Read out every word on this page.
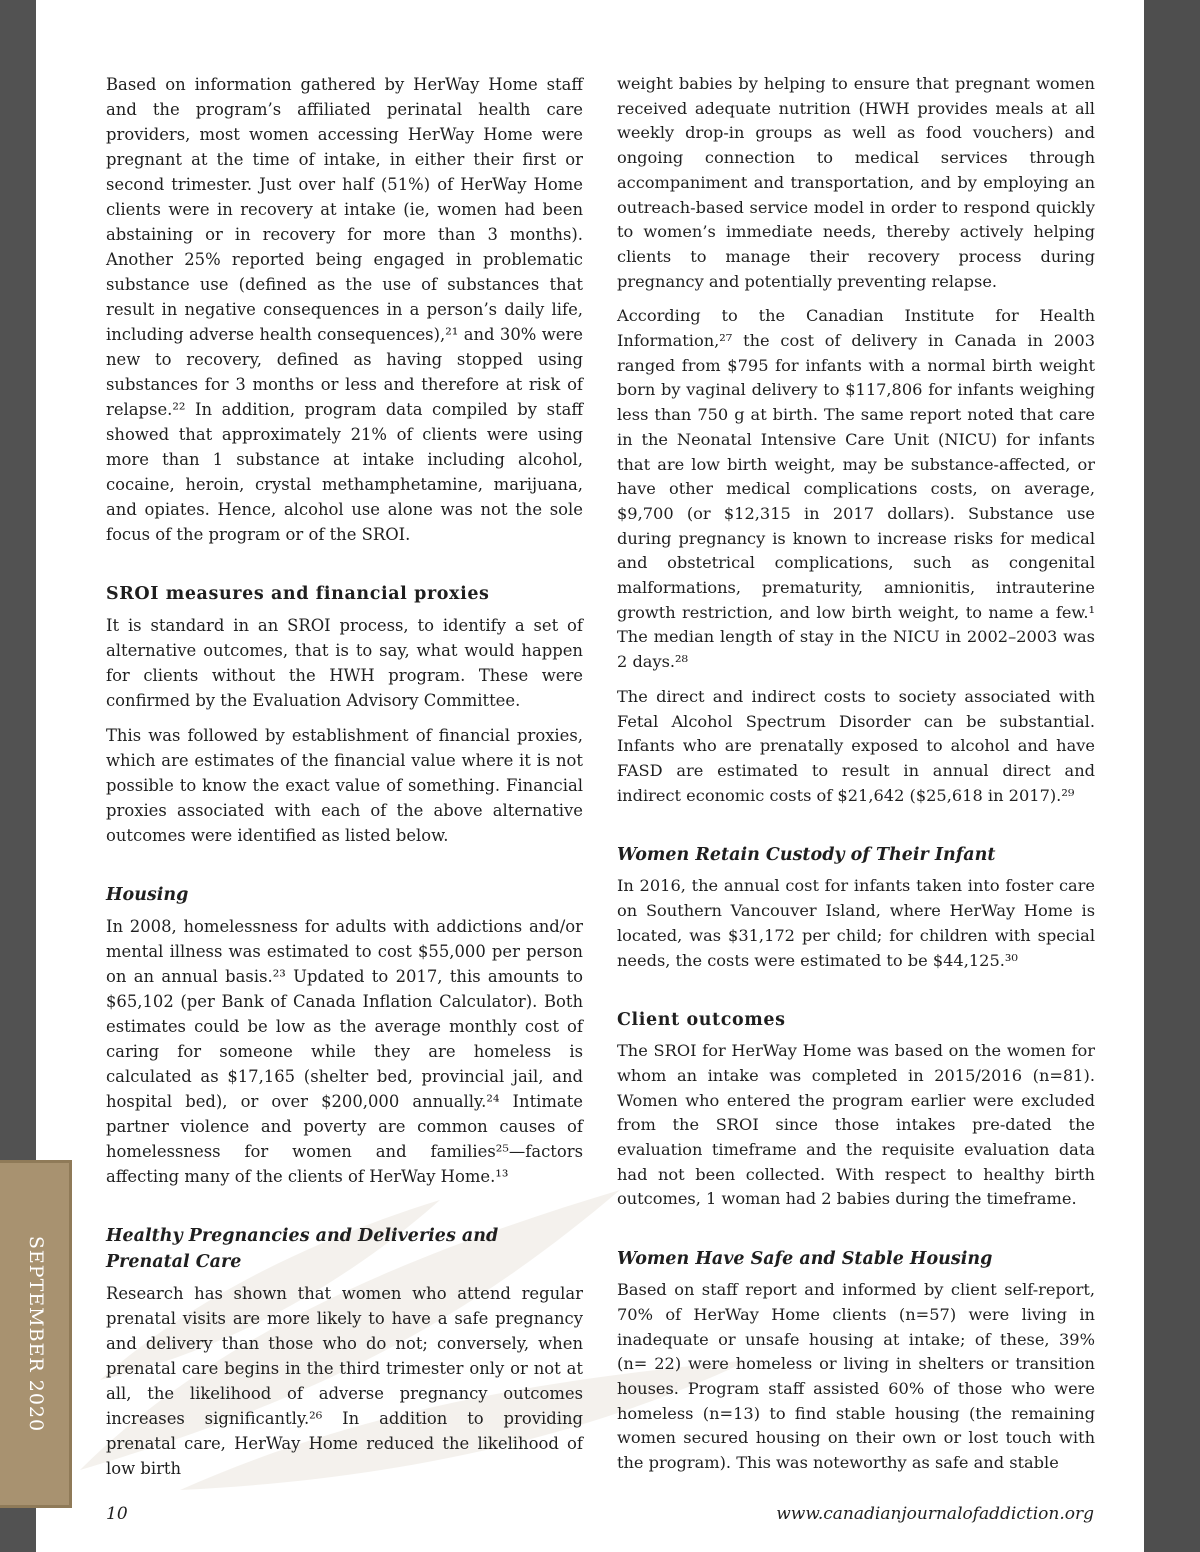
SEPTEMBER 2020

Based on information gathered by HerWay Home staff and the program’s affiliated perinatal health care providers, most women accessing HerWay Home were pregnant at the time of intake, in either their first or second trimester. Just over half (51%) of HerWay Home clients were in recovery at intake (ie, women had been abstaining or in recovery for more than 3 months). Another 25% reported being engaged in problematic substance use (defined as the use of substances that result in negative consequences in a person’s daily life, including adverse health consequences),²¹ and 30% were new to recovery, defined as having stopped using substances for 3 months or less and therefore at risk of relapse.²² In addition, program data compiled by staff showed that approximately 21% of clients were using more than 1 substance at intake including alcohol, cocaine, heroin, crystal methamphetamine, marijuana, and opiates. Hence, alcohol use alone was not the sole focus of the program or of the SROI.

SROI measures and financial proxies

It is standard in an SROI process, to identify a set of alternative outcomes, that is to say, what would happen for clients without the HWH program. These were confirmed by the Evaluation Advisory Committee.

This was followed by establishment of financial proxies, which are estimates of the financial value where it is not possible to know the exact value of something. Financial proxies associated with each of the above alternative outcomes were identified as listed below.

Housing

In 2008, homelessness for adults with addictions and/or mental illness was estimated to cost $55,000 per person on an annual basis.²³ Updated to 2017, this amounts to $65,102 (per Bank of Canada Inflation Calculator). Both estimates could be low as the average monthly cost of caring for someone while they are homeless is calculated as $17,165 (shelter bed, provincial jail, and hospital bed), or over $200,000 annually.²⁴ Intimate partner violence and poverty are common causes of homelessness for women and families²⁵—factors affecting many of the clients of HerWay Home.¹³

Healthy Pregnancies and Deliveries and Prenatal Care

Research has shown that women who attend regular prenatal visits are more likely to have a safe pregnancy and delivery than those who do not; conversely, when prenatal care begins in the third trimester only or not at all, the likelihood of adverse pregnancy outcomes increases significantly.²⁶ In addition to providing prenatal care, HerWay Home reduced the likelihood of low birth

weight babies by helping to ensure that pregnant women received adequate nutrition (HWH provides meals at all weekly drop-in groups as well as food vouchers) and ongoing connection to medical services through accompaniment and transportation, and by employing an outreach-based service model in order to respond quickly to women’s immediate needs, thereby actively helping clients to manage their recovery process during pregnancy and potentially preventing relapse.

According to the Canadian Institute for Health Information,²⁷ the cost of delivery in Canada in 2003 ranged from $795 for infants with a normal birth weight born by vaginal delivery to $117,806 for infants weighing less than 750 g at birth. The same report noted that care in the Neonatal Intensive Care Unit (NICU) for infants that are low birth weight, may be substance-affected, or have other medical complications costs, on average, $9,700 (or $12,315 in 2017 dollars). Substance use during pregnancy is known to increase risks for medical and obstetrical complications, such as congenital malformations, prematurity, amnionitis, intrauterine growth restriction, and low birth weight, to name a few.¹ The median length of stay in the NICU in 2002–2003 was 2 days.²⁸

The direct and indirect costs to society associated with Fetal Alcohol Spectrum Disorder can be substantial. Infants who are prenatally exposed to alcohol and have FASD are estimated to result in annual direct and indirect economic costs of $21,642 ($25,618 in 2017).²⁹

Women Retain Custody of Their Infant

In 2016, the annual cost for infants taken into foster care on Southern Vancouver Island, where HerWay Home is located, was $31,172 per child; for children with special needs, the costs were estimated to be $44,125.³⁰

Client outcomes

The SROI for HerWay Home was based on the women for whom an intake was completed in 2015/2016 (n=81). Women who entered the program earlier were excluded from the SROI since those intakes pre-dated the evaluation timeframe and the requisite evaluation data had not been collected. With respect to healthy birth outcomes, 1 woman had 2 babies during the timeframe.

Women Have Safe and Stable Housing

Based on staff report and informed by client self-report, 70% of HerWay Home clients (n=57) were living in inadequate or unsafe housing at intake; of these, 39% (n= 22) were homeless or living in shelters or transition houses. Program staff assisted 60% of those who were homeless (n=13) to find stable housing (the remaining women secured housing on their own or lost touch with the program). This was noteworthy as safe and stable

10	www.canadianjournalofaddiction.org
